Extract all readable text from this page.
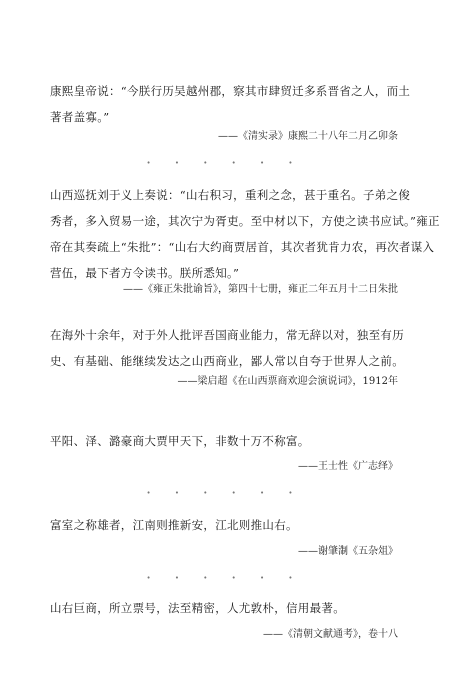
康熙皇帝说：“今朕行历吴越州郡，察其市肆贸迁多系晋省之人，而土
著者盖寡。”
——《清实录》康熙二十八年二月乙卯条
• • • • • •
山西巡抚刘于义上奏说：“山右积习，重利之念，甚于重名。子弟之俊
秀者，多入贸易一途，其次宁为胥吏。至中材以下，方使之读书应试。”雍正
帝在其奏疏上“朱批”：“山右大约商贾居首，其次者犹肯力农，再次者谋入
营伍，最下者方令读书。朕所悉知。”
——《雍正朱批谕旨》，第四十七册，雍正二年五月十二日朱批
在海外十余年，对于外人批评吾国商业能力，常无辞以对，独至有历
史、有基础、能继续发达之山西商业，鄙人常以自夸于世界人之前。
——梁启超《在山西票商欢迎会演说词》，1912年
平阳、泽、潞豪商大贾甲天下，非数十万不称富。
——王士性《广志绎》
• • • • • •
富室之称雄者，江南则推新安，江北则推山右。
——谢肇淛《五杂俎》
• • • • • •
山右巨商，所立票号，法至精密，人尤敦朴，信用最著。
——《清朝文献通考》，卷十八
